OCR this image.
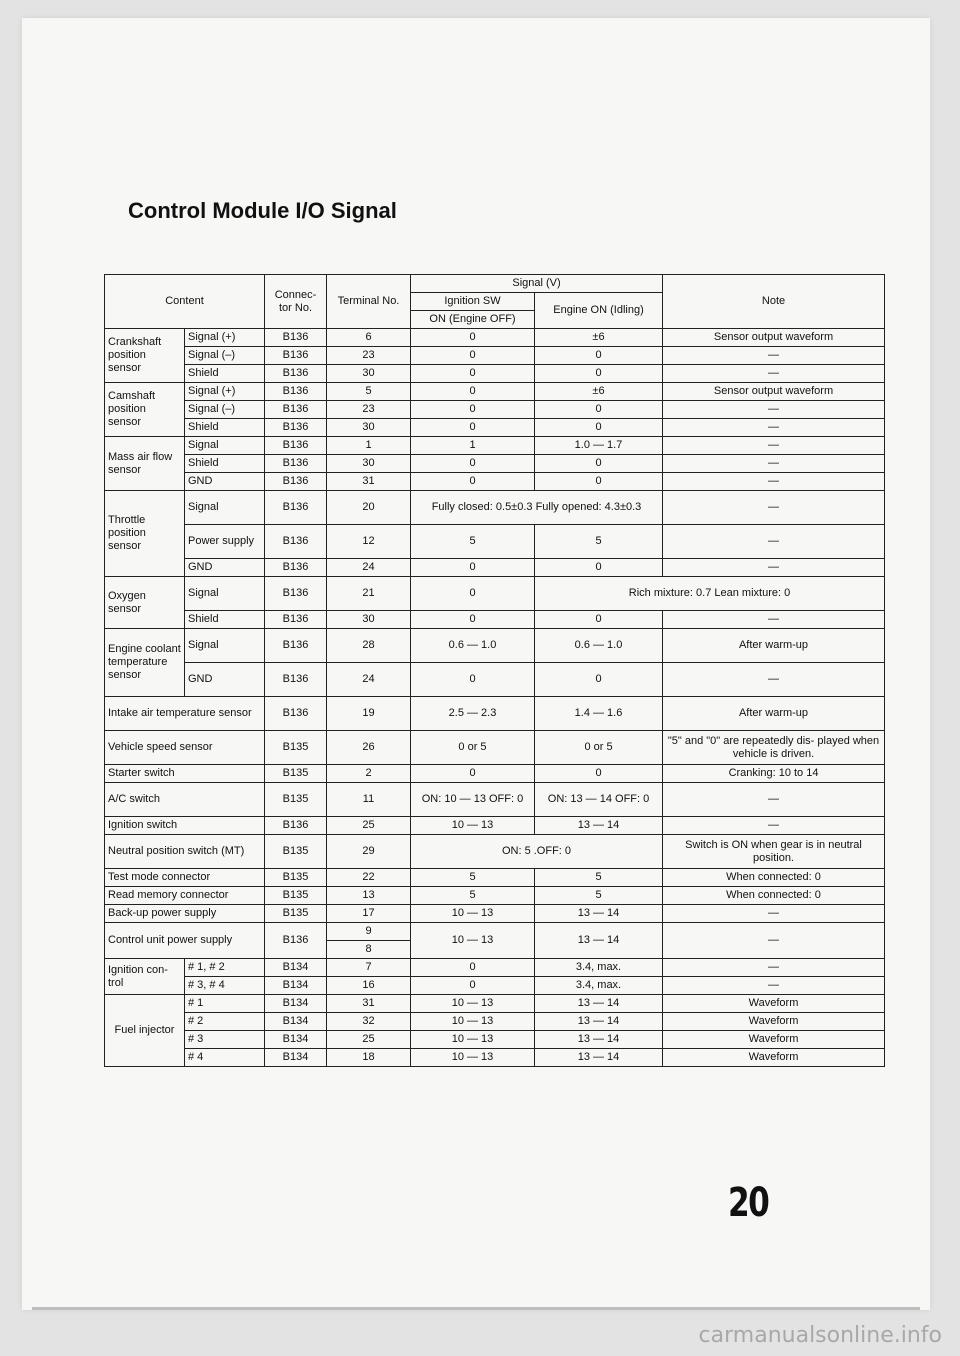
Control Module I/O Signal
Content		Connec-
tor No.	Terminal No.	Signal (V)		Note
				Ignition SW	Engine ON (Idling)	
				ON (Engine OFF)		
Crankshaft position sensor	Signal (+)	B136	6	0	±6	Sensor output waveform
	Signal (–)	B136	23	0	0	—
	Shield	B136	30	0	0	—
Camshaft position sensor	Signal (+)	B136	5	0	±6	Sensor output waveform
	Signal (–)	B136	23	0	0	—
	Shield	B136	30	0	0	—
Mass air flow sensor	Signal	B136	1	1	1.0 — 1.7	—
	Shield	B136	30	0	0	—
	GND	B136	31	0	0	—
Throttle position sensor	Signal	B136	20	Fully closed: 0.5±0.3 Fully opened: 4.3±0.3		—
	Power supply	B136	12	5	5	—
	GND	B136	24	0	0	—
Oxygen sensor	Signal	B136	21	0	Rich mixture: 0.7 Lean mixture: 0	
	Shield	B136	30	0	0	—
Engine coolant temperature sensor	Signal	B136	28	0.6 — 1.0	0.6 — 1.0	After warm-up
	GND	B136	24	0	0	—
Intake air temperature sensor		B136	19	2.5 — 2.3	1.4 — 1.6	After warm-up
Vehicle speed sensor		B135	26	0 or 5	0 or 5	"5" and "0" are repeatedly dis- played when vehicle is driven.
Starter switch		B135	2	0	0	Cranking: 10 to 14
A/C switch		B135	11	ON: 10 — 13 OFF: 0	ON: 13 — 14 OFF: 0	—
Ignition switch		B136	25	10 — 13	13 — 14	—
Neutral position switch (MT)		B135	29	ON: 5 .OFF: 0		Switch is ON when gear is in neutral position.
Test mode connector		B135	22	5	5	When connected: 0
Read memory connector		B135	13	5	5	When connected: 0
Back-up power supply		B135	17	10 — 13	13 — 14	—
Control unit power supply		B136	9	10 — 13	13 — 14	—
			8			
Ignition con- trol	# 1, # 2	B134	7	0	3.4, max.	—
	# 3, # 4	B134	16	0	3.4, max.	—
Fuel injector	# 1	B134	31	10 — 13	13 — 14	Waveform
	# 2	B134	32	10 — 13	13 — 14	Waveform
	# 3	B134	25	10 — 13	13 — 14	Waveform
	# 4	B134	18	10 — 13	13 — 14	Waveform
20
carmanualsonline.info
